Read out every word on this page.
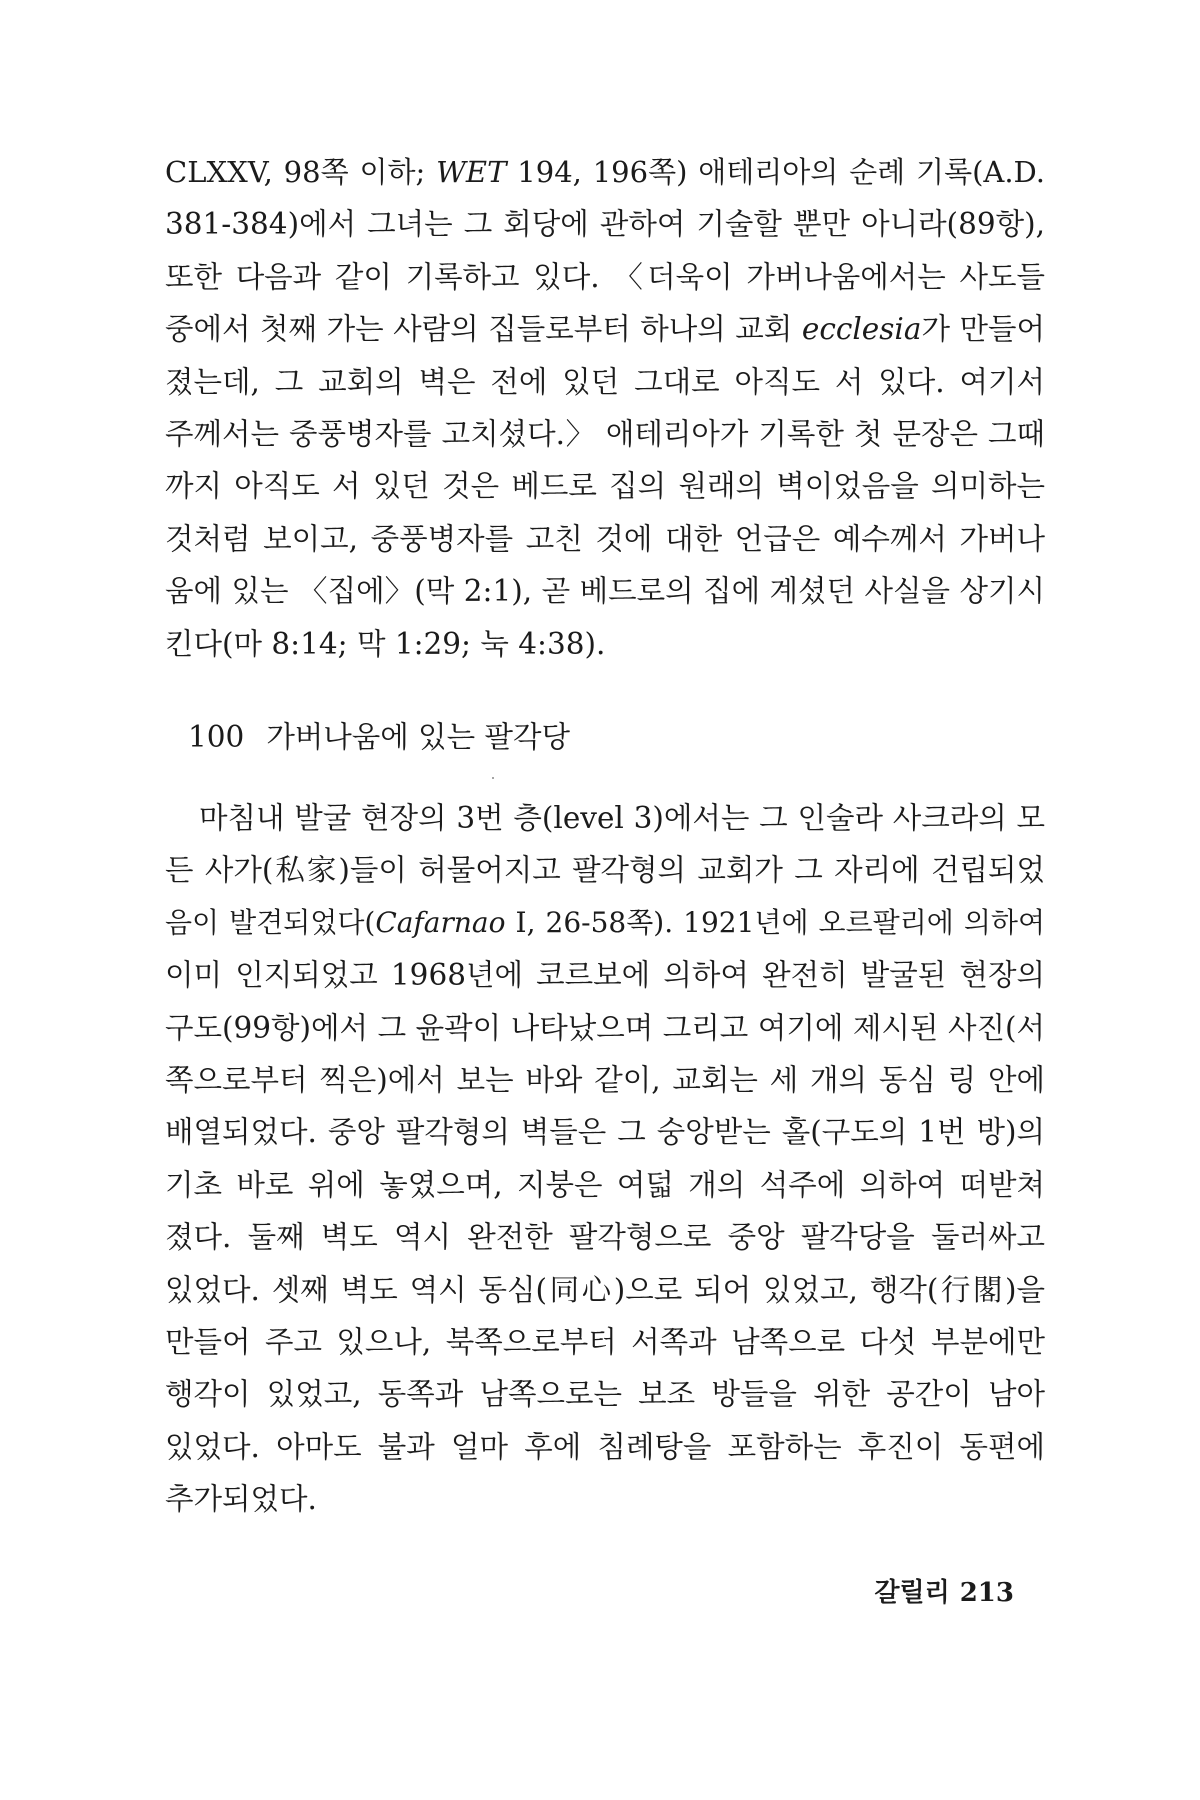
CLXXV, 98쪽 이하; WET 194, 196쪽) 애테리아의 순례 기록(A.D.
381-384)에서 그녀는 그 회당에 관하여 기술할 뿐만 아니라(89항),
또한 다음과 같이 기록하고 있다. 〈더욱이 가버나움에서는 사도들
중에서 첫째 가는 사람의 집들로부터 하나의 교회 ecclesia가 만들어
졌는데, 그 교회의 벽은 전에 있던 그대로 아직도 서 있다. 여기서
주께서는 중풍병자를 고치셨다.〉 애테리아가 기록한 첫 문장은 그때
까지 아직도 서 있던 것은 베드로 집의 원래의 벽이었음을 의미하는
것처럼 보이고, 중풍병자를 고친 것에 대한 언급은 예수께서 가버나
움에 있는 〈집에〉(막 2:1), 곧 베드로의 집에 계셨던 사실을 상기시
킨다(마 8:14; 막 1:29; 눅 4:38).
100 가버나움에 있는 팔각당
마침내 발굴 현장의 3번 층(level 3)에서는 그 인술라 사크라의 모
든 사가(私家)들이 허물어지고 팔각형의 교회가 그 자리에 건립되었
음이 발견되었다(Cafarnao I, 26-58쪽). 1921년에 오르팔리에 의하여
이미 인지되었고 1968년에 코르보에 의하여 완전히 발굴된 현장의
구도(99항)에서 그 윤곽이 나타났으며 그리고 여기에 제시된 사진(서
쪽으로부터 찍은)에서 보는 바와 같이, 교회는 세 개의 동심 링 안에
배열되었다. 중앙 팔각형의 벽들은 그 숭앙받는 홀(구도의 1번 방)의
기초 바로 위에 놓였으며, 지붕은 여덟 개의 석주에 의하여 떠받쳐
졌다. 둘째 벽도 역시 완전한 팔각형으로 중앙 팔각당을 둘러싸고
있었다. 셋째 벽도 역시 동심(同心)으로 되어 있었고, 행각(行閣)을
만들어 주고 있으나, 북쪽으로부터 서쪽과 남쪽으로 다섯 부분에만
행각이 있었고, 동쪽과 남쪽으로는 보조 방들을 위한 공간이 남아
있었다. 아마도 불과 얼마 후에 침례탕을 포함하는 후진이 동편에
추가되었다.
갈릴리 213
